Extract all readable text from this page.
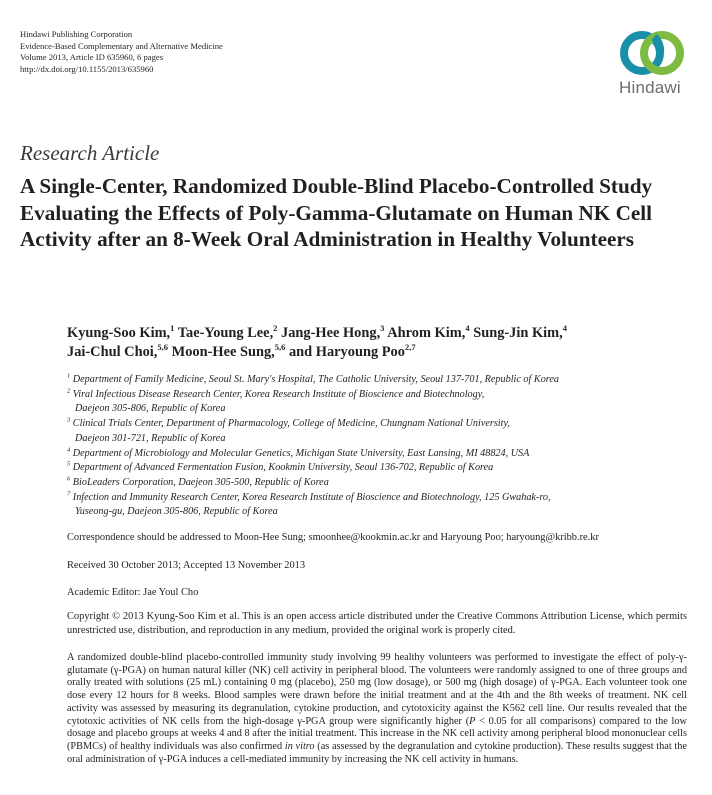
Hindawi Publishing Corporation
Evidence-Based Complementary and Alternative Medicine
Volume 2013, Article ID 635960, 6 pages
http://dx.doi.org/10.1155/2013/635960
Hindawi
Research Article
A Single-Center, Randomized Double-Blind Placebo-Controlled Study Evaluating the Effects of Poly-Gamma-Glutamate on Human NK Cell Activity after an 8-Week Oral Administration in Healthy Volunteers
Kyung-Soo Kim,$^1$ Tae-Young Lee,$^2$ Jang-Hee Hong,$^3$ Ahrom Kim,$^4$ Sung-Jin Kim,$^4$
Jai-Chul Choi,$^{5,6}$ Moon-Hee Sung,$^{5,6}$ and Haryoung Poo$^{2,7}$
$^1$ Department of Family Medicine, Seoul St. Mary's Hospital, The Catholic University, Seoul 137-701, Republic of Korea
$^2$ Viral Infectious Disease Research Center, Korea Research Institute of Bioscience and Biotechnology,
Daejeon 305-806, Republic of Korea
$^3$ Clinical Trials Center, Department of Pharmacology, College of Medicine, Chungnam National University,
Daejeon 301-721, Republic of Korea
$^4$ Department of Microbiology and Molecular Genetics, Michigan State University, East Lansing, MI 48824, USA
$^5$ Department of Advanced Fermentation Fusion, Kookmin University, Seoul 136-702, Republic of Korea
$^6$ BioLeaders Corporation, Daejeon 305-500, Republic of Korea
$^7$ Infection and Immunity Research Center, Korea Research Institute of Bioscience and Biotechnology, 125 Gwahak-ro,
Yuseong-gu, Daejeon 305-806, Republic of Korea
Correspondence should be addressed to Moon-Hee Sung; smoonhee@kookmin.ac.kr and Haryoung Poo; haryoung@kribb.re.kr
Received 30 October 2013; Accepted 13 November 2013
Academic Editor: Jae Youl Cho
Copyright © 2013 Kyung-Soo Kim et al. This is an open access article distributed under the Creative Commons Attribution License, which permits unrestricted use, distribution, and reproduction in any medium, provided the original work is properly cited.
A randomized double-blind placebo-controlled immunity study involving 99 healthy volunteers was performed to investigate the effect of poly-γ-glutamate (γ-PGA) on human natural killer (NK) cell activity in peripheral blood. The volunteers were randomly assigned to one of three groups and orally treated with solutions (25 mL) containing 0 mg (placebo), 250 mg (low dosage), or 500 mg (high dosage) of γ-PGA. Each volunteer took one dose every 12 hours for 8 weeks. Blood samples were drawn before the initial treatment and at the 4th and the 8th weeks of treatment. NK cell activity was assessed by measuring its degranulation, cytokine production, and cytotoxicity against the K562 cell line. Our results revealed that the cytotoxic activities of NK cells from the high-dosage γ-PGA group were significantly higher (P < 0.05 for all comparisons) compared to the low dosage and placebo groups at weeks 4 and 8 after the initial treatment. This increase in the NK cell activity among peripheral blood mononuclear cells (PBMCs) of healthy individuals was also confirmed in vitro (as assessed by the degranulation and cytokine production). These results suggest that the oral administration of γ-PGA induces a cell-mediated immunity by increasing the NK cell activity in humans.
